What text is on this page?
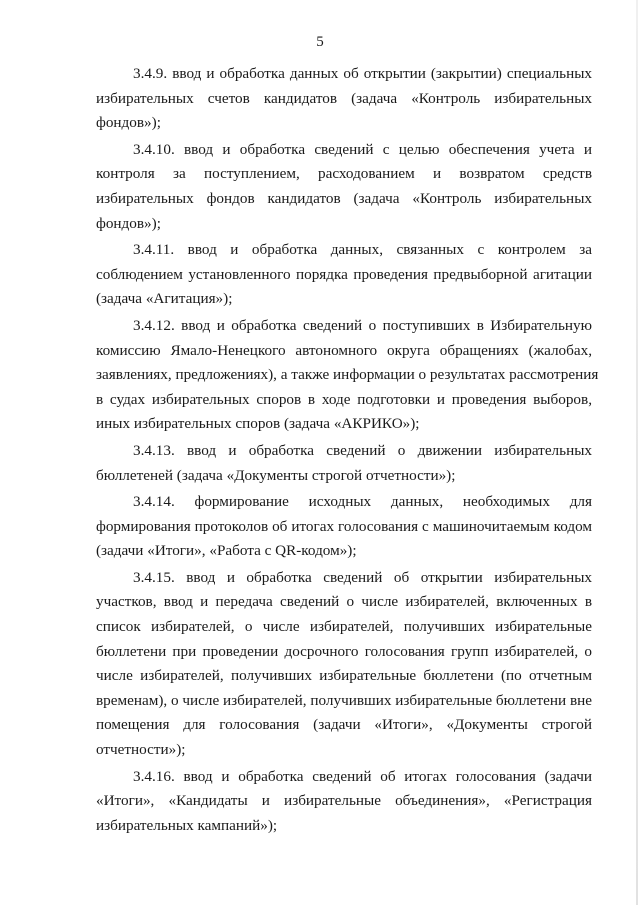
5
3.4.9. ввод и обработка данных об открытии (закрытии) специальных
избирательных счетов кандидатов (задача «Контроль избирательных
фондов»);
3.4.10. ввод и обработка сведений с целью обеспечения учета и
контроля за поступлением, расходованием и возвратом средств
избирательных фондов кандидатов (задача «Контроль избирательных
фондов»);
3.4.11. ввод и обработка данных, связанных с контролем за
соблюдением установленного порядка проведения предвыборной агитации
(задача «Агитация»);
3.4.12. ввод и обработка сведений о поступивших в Избирательную
комиссию Ямало-Ненецкого автономного округа обращениях (жалобах,
заявлениях, предложениях), а также информации о результатах рассмотрения
в судах избирательных споров в ходе подготовки и проведения выборов,
иных избирательных споров (задача «АКРИКО»);
3.4.13. ввод и обработка сведений о движении избирательных
бюллетеней (задача «Документы строгой отчетности»);
3.4.14. формирование исходных данных, необходимых для
формирования протоколов об итогах голосования с машиночитаемым кодом
(задачи «Итоги», «Работа с QR-кодом»);
3.4.15. ввод и обработка сведений об открытии избирательных
участков, ввод и передача сведений о числе избирателей, включенных в
список избирателей, о числе избирателей, получивших избирательные
бюллетени при проведении досрочного голосования групп избирателей, о
числе избирателей, получивших избирательные бюллетени (по отчетным
временам), о числе избирателей, получивших избирательные бюллетени вне
помещения для голосования (задачи «Итоги», «Документы строгой
отчетности»);
3.4.16. ввод и обработка сведений об итогах голосования (задачи
«Итоги», «Кандидаты и избирательные объединения», «Регистрация
избирательных кампаний»);
